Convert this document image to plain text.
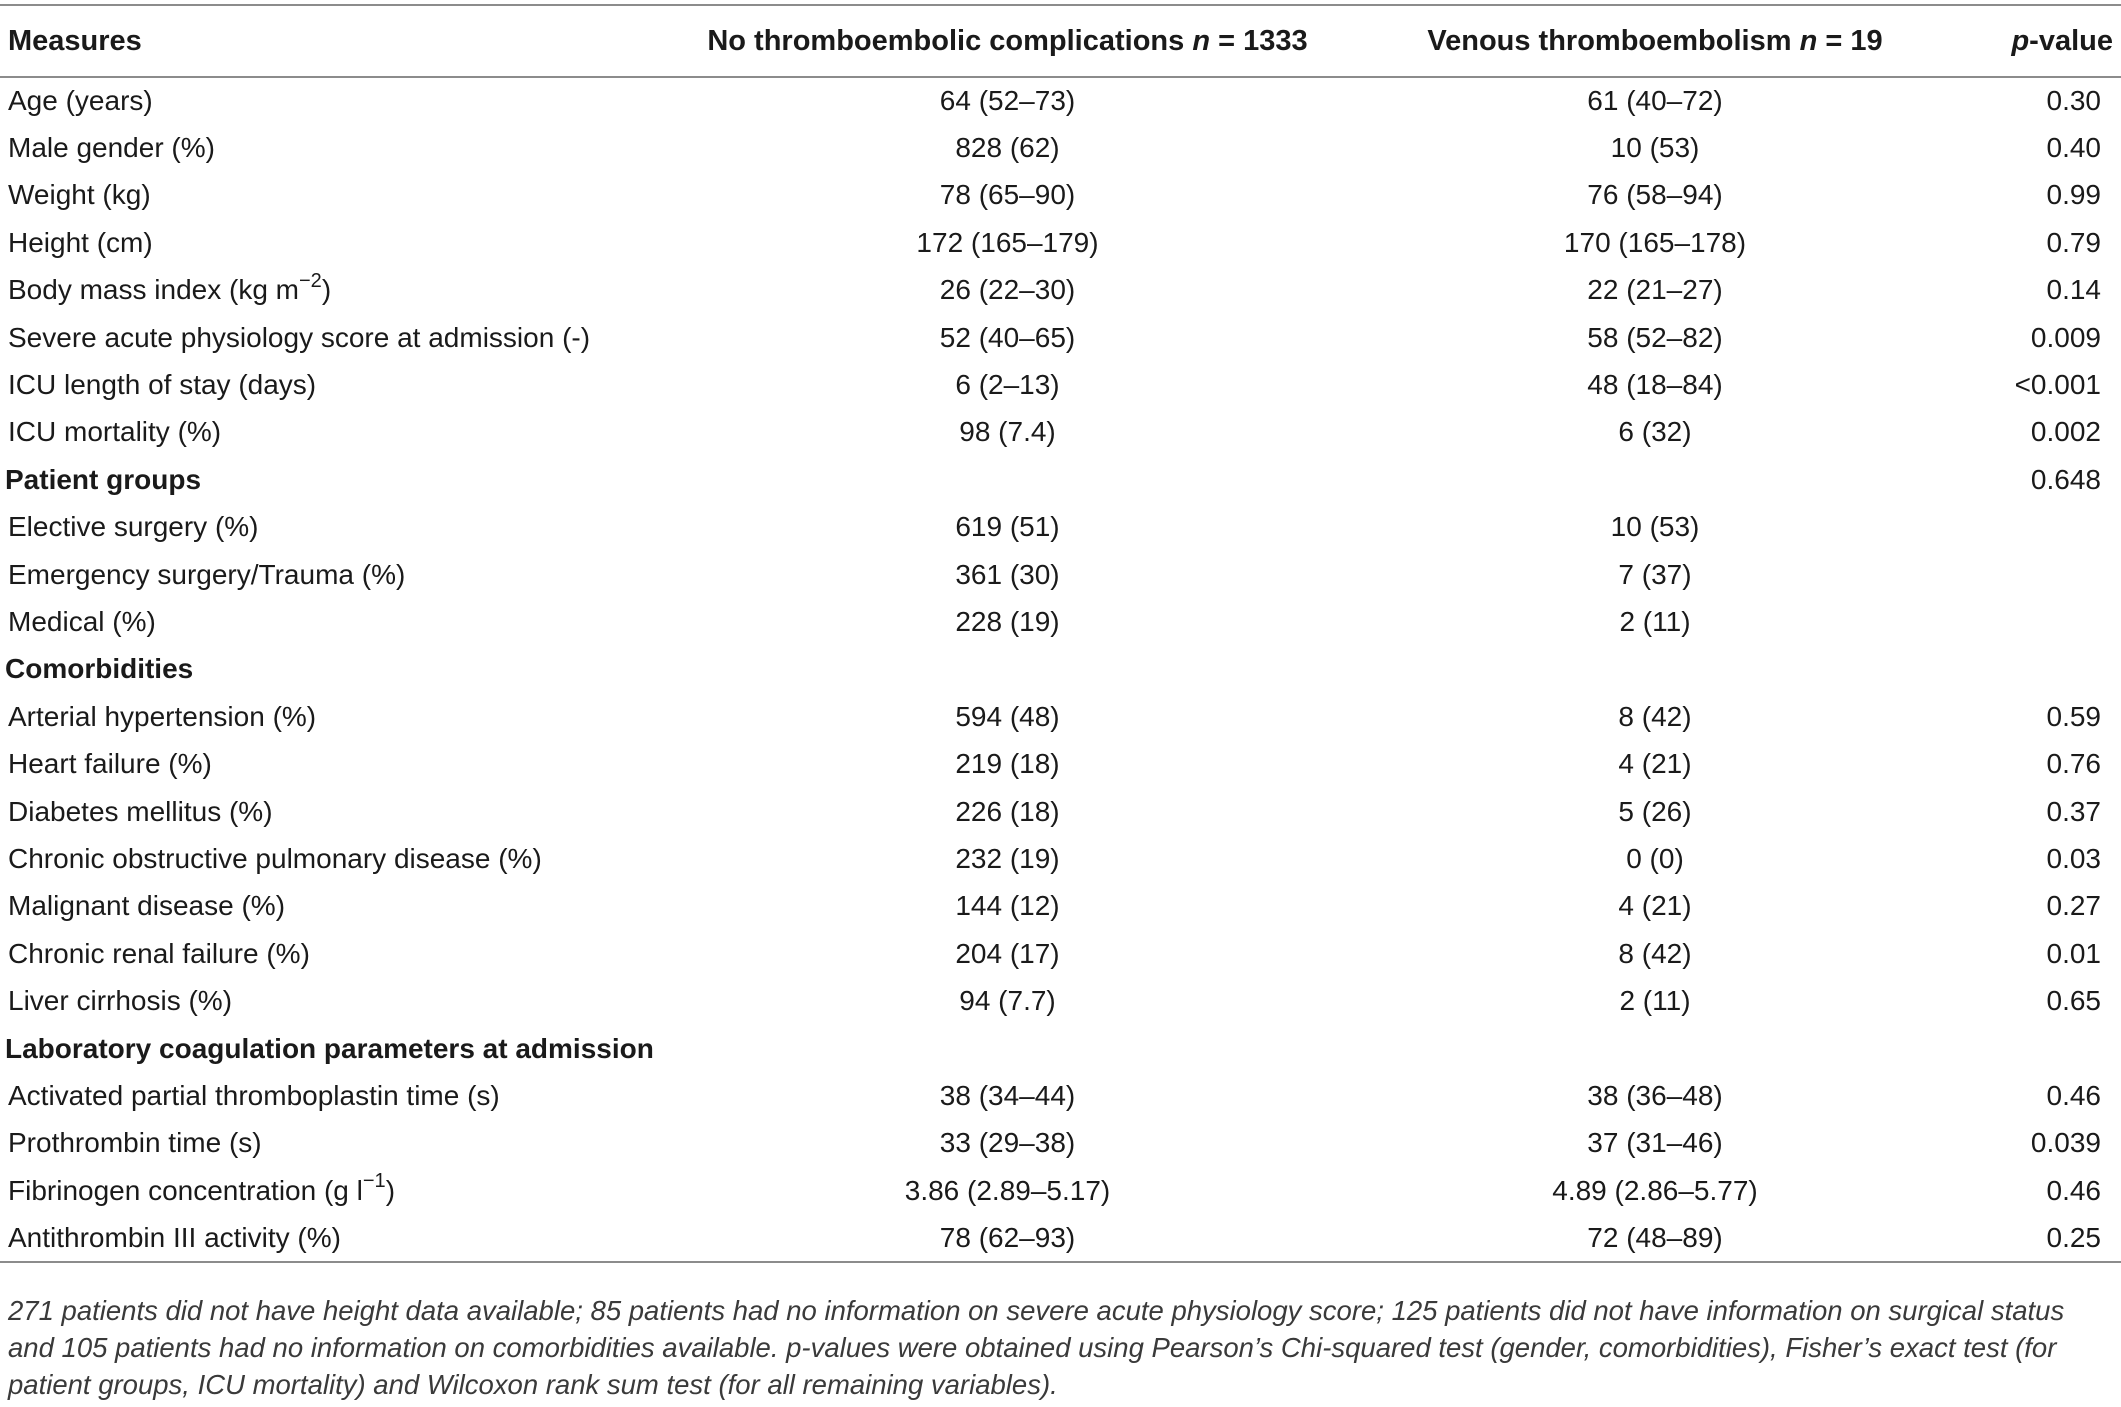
Measures	No thromboembolic complications n = 1333	Venous thromboembolism n = 19	p-value
Age (years)	64 (52–73)	61 (40–72)	0.30
Male gender (%)	828 (62)	10 (53)	0.40
Weight (kg)	78 (65–90)	76 (58–94)	0.99
Height (cm)	172 (165–179)	170 (165–178)	0.79
Body mass index (kg $m^{-2}$)	26 (22–30)	22 (21–27)	0.14
Severe acute physiology score at admission (-)	52 (40–65)	58 (52–82)	0.009
ICU length of stay (days)	6 (2–13)	48 (18–84)	<0.001
ICU mortality (%)	98 (7.4)	6 (32)	0.002
Patient groups			0.648
Elective surgery (%)	619 (51)	10 (53)	
Emergency surgery/Trauma (%)	361 (30)	7 (37)	
Medical (%)	228 (19)	2 (11)	
Comorbidities			
Arterial hypertension (%)	594 (48)	8 (42)	0.59
Heart failure (%)	219 (18)	4 (21)	0.76
Diabetes mellitus (%)	226 (18)	5 (26)	0.37
Chronic obstructive pulmonary disease (%)	232 (19)	0 (0)	0.03
Malignant disease (%)	144 (12)	4 (21)	0.27
Chronic renal failure (%)	204 (17)	8 (42)	0.01
Liver cirrhosis (%)	94 (7.7)	2 (11)	0.65
Laboratory coagulation parameters at admission			
Activated partial thromboplastin time (s)	38 (34–44)	38 (36–48)	0.46
Prothrombin time (s)	33 (29–38)	37 (31–46)	0.039
Fibrinogen concentration (g $l^{-1}$)	3.86 (2.89–5.17)	4.89 (2.86–5.77)	0.46
Antithrombin III activity (%)	78 (62–93)	72 (48–89)	0.25
271 patients did not have height data available; 85 patients had no information on severe acute physiology score; 125 patients did not have information on surgical status and 105 patients had no information on comorbidities available. p-values were obtained using Pearson’s Chi-squared test (gender, comorbidities), Fisher’s exact test (for patient groups, ICU mortality) and Wilcoxon rank sum test (for all remaining variables).
